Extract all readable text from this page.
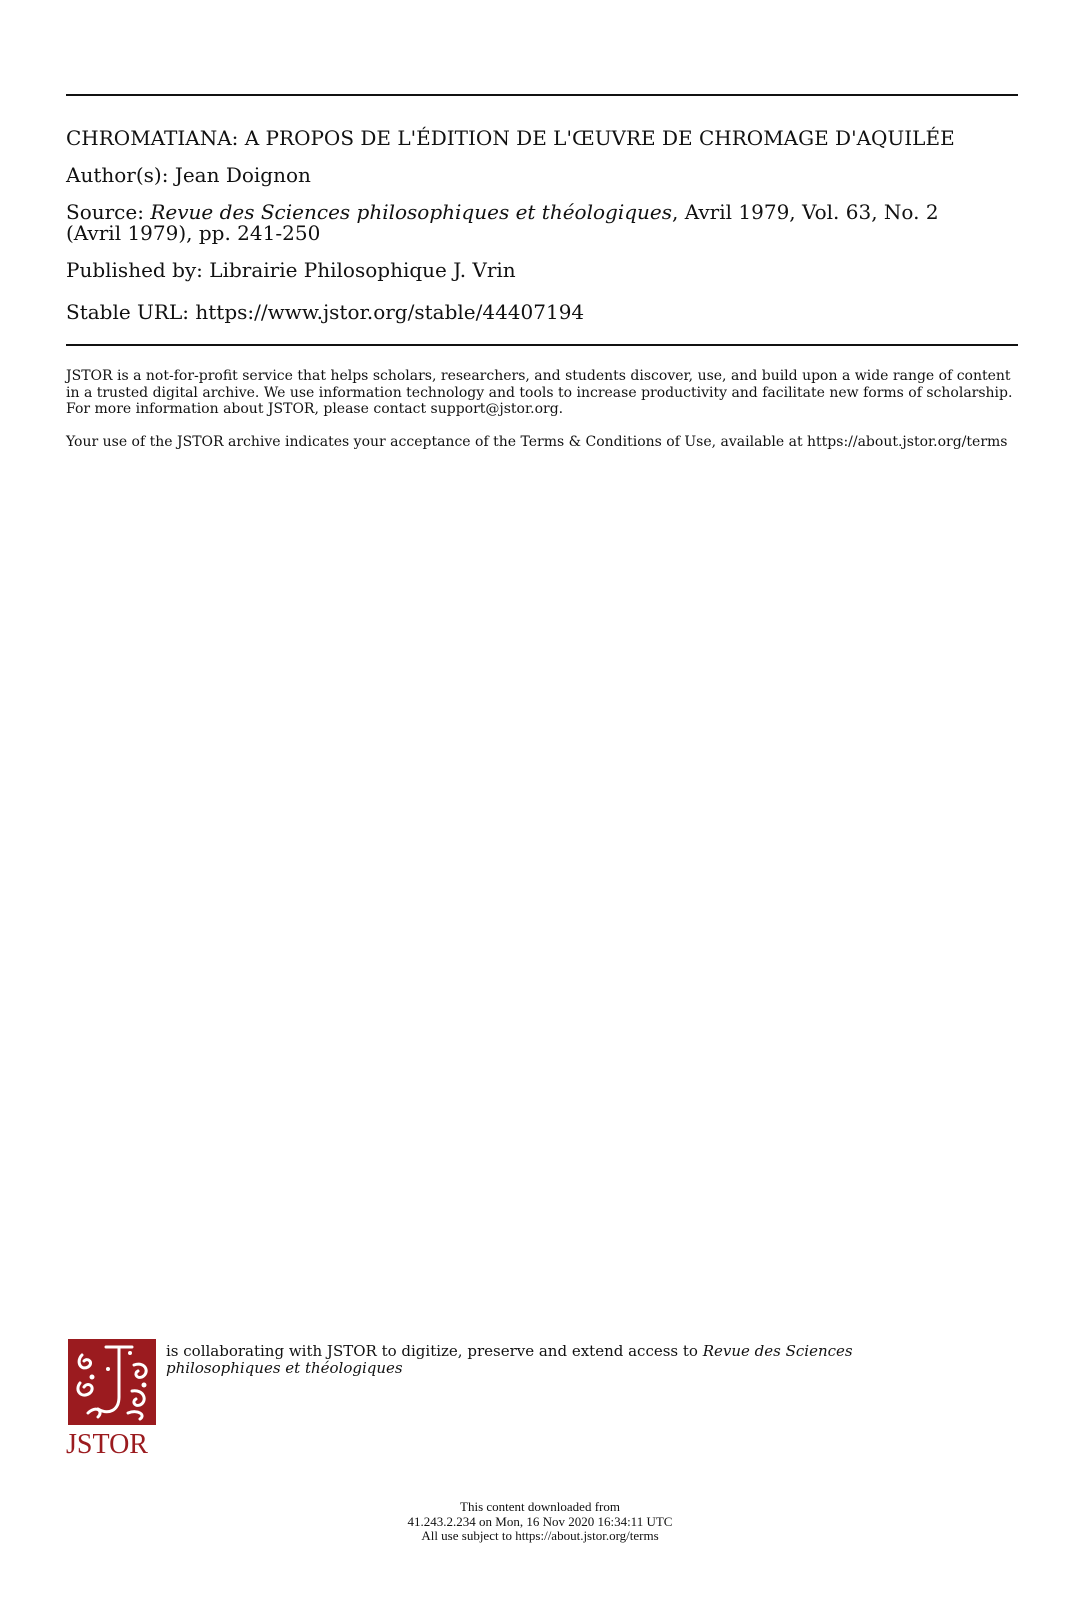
CHROMATIANA: A PROPOS DE L'ÉDITION DE L'ŒUVRE DE CHROMAGE D'AQUILÉE
Author(s): Jean Doignon
Source: Revue des Sciences philosophiques et théologiques, Avril 1979, Vol. 63, No. 2
(Avril 1979), pp. 241-250
Published by: Librairie Philosophique J. Vrin
Stable URL: https://www.jstor.org/stable/44407194
JSTOR is a not-for-profit service that helps scholars, researchers, and students discover, use, and build upon a wide range of content in a trusted digital archive. We use information technology and tools to increase productivity and facilitate new forms of scholarship. For more information about JSTOR, please contact support@jstor.org.
Your use of the JSTOR archive indicates your acceptance of the Terms & Conditions of Use, available at https://about.jstor.org/terms
JSTOR
is collaborating with JSTOR to digitize, preserve and extend access to Revue des Sciences philosophiques et théologiques
This content downloaded from
41.243.2.234 on Mon, 16 Nov 2020 16:34:11 UTC
All use subject to https://about.jstor.org/terms
